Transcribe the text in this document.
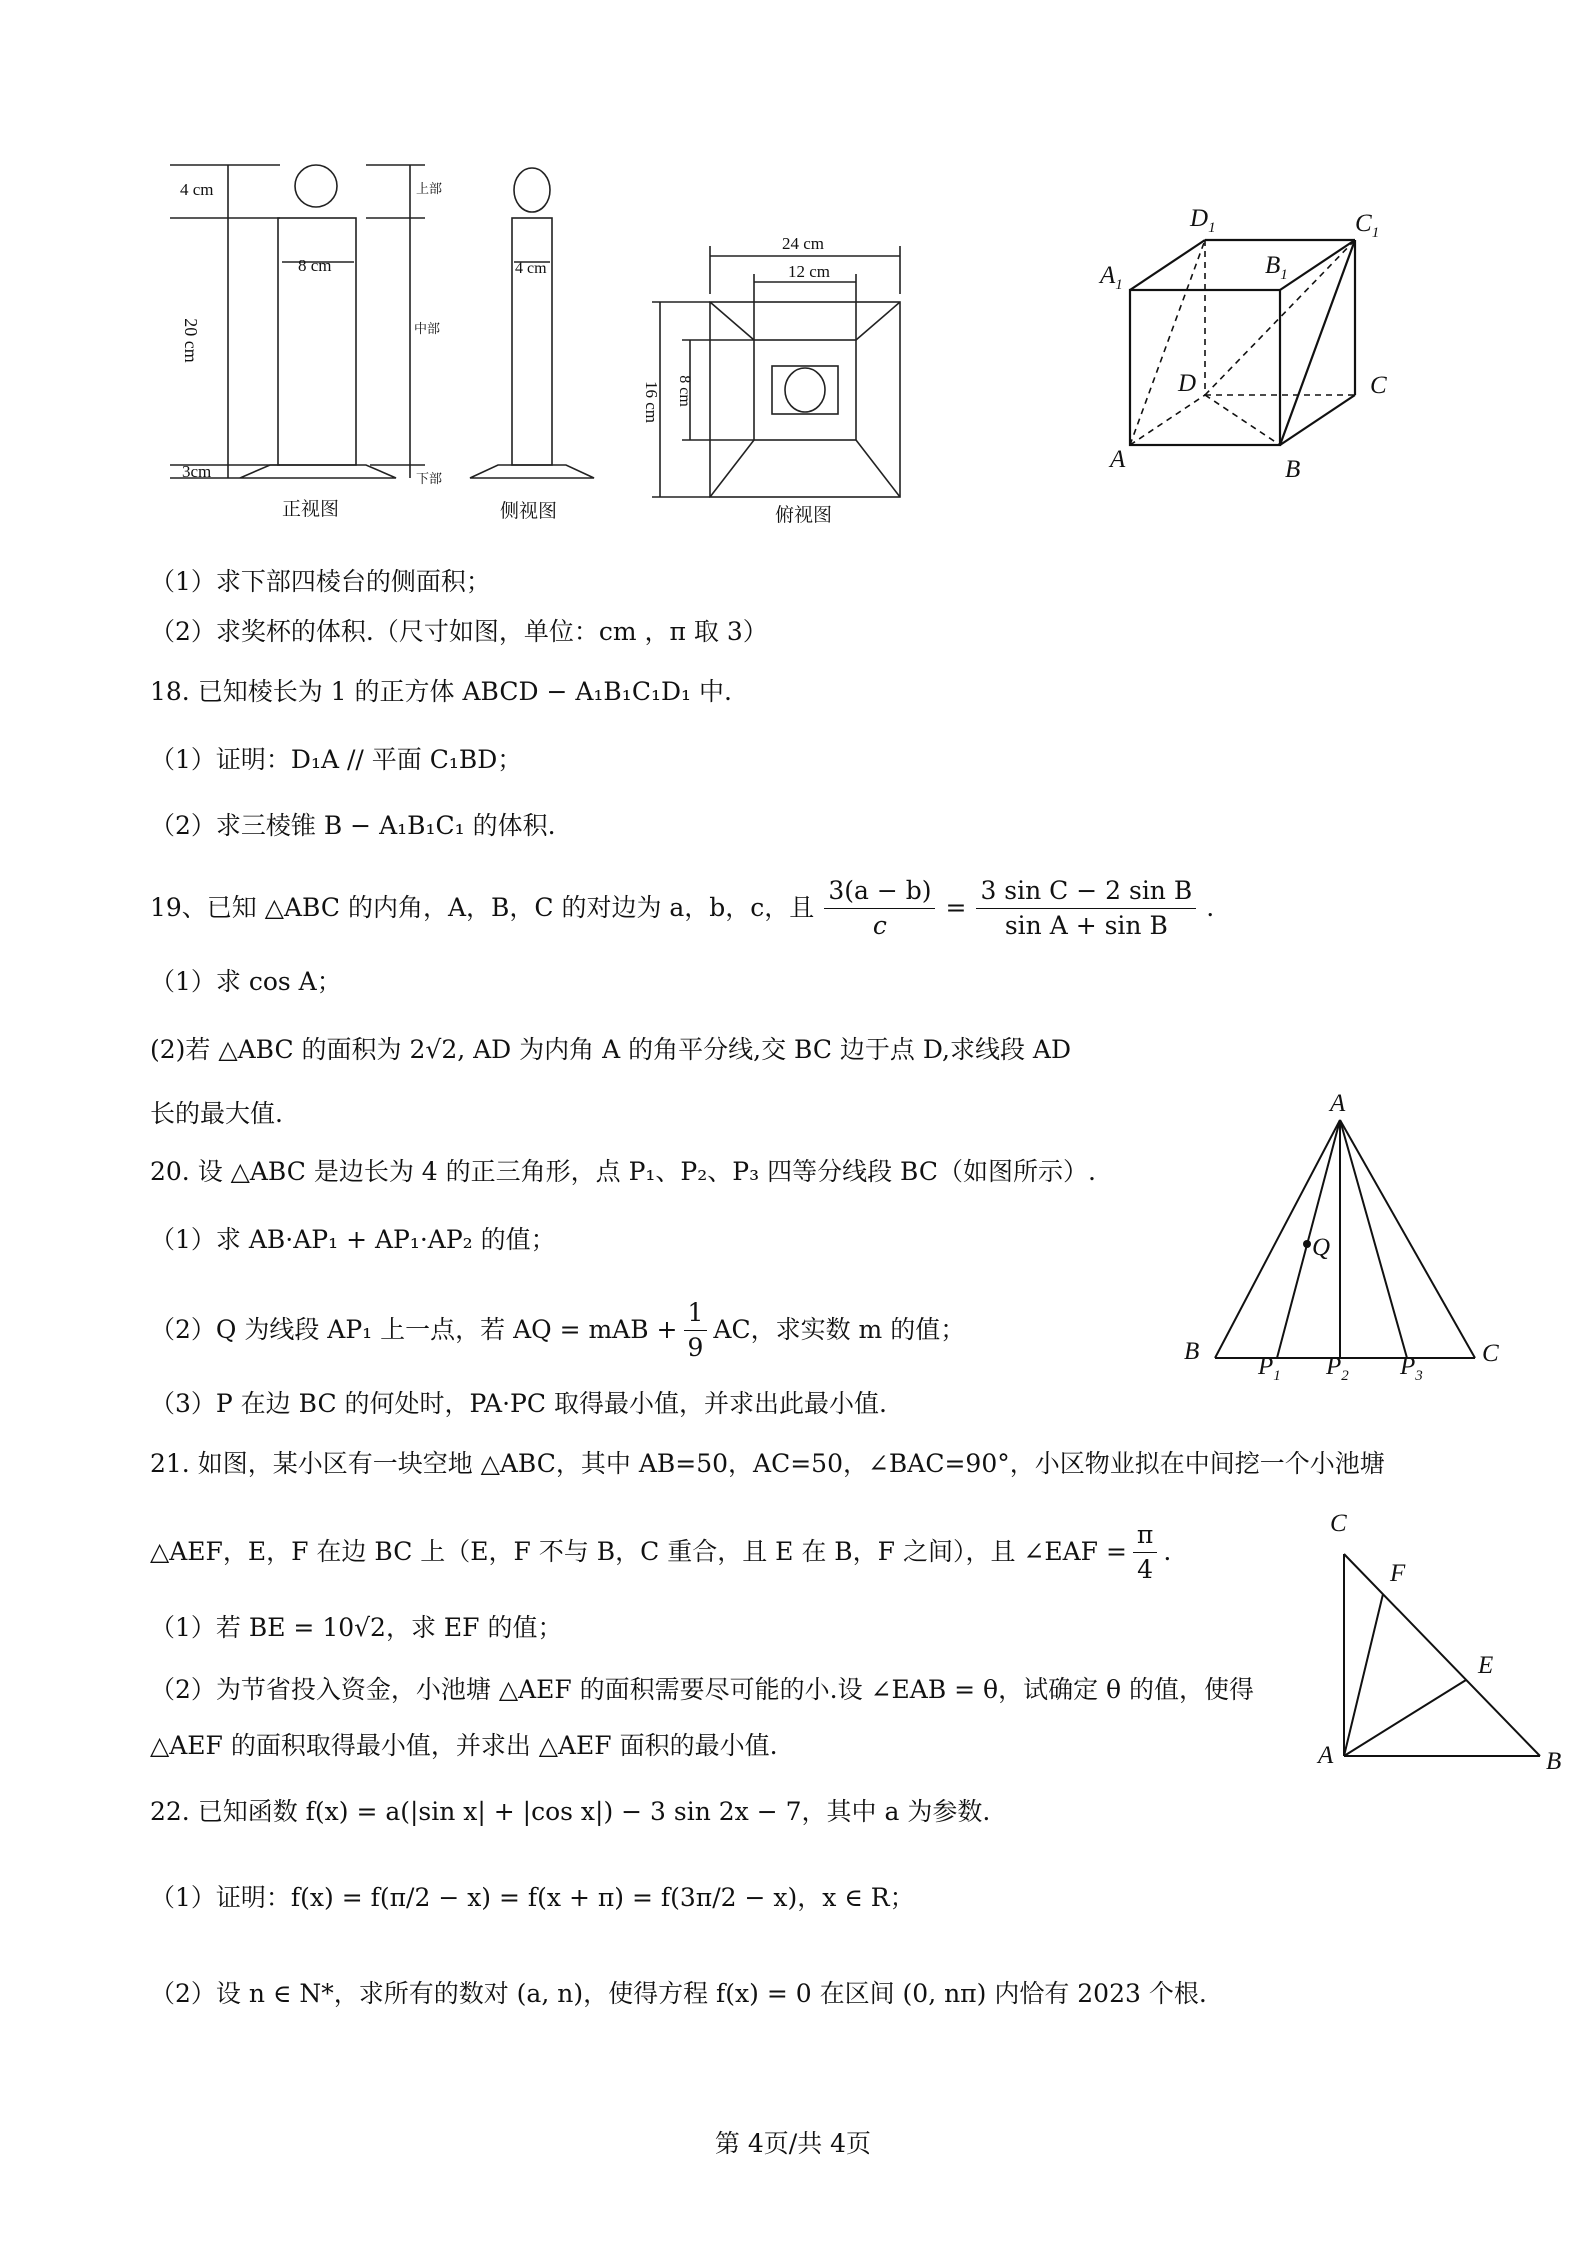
4 cm
20 cm
3cm
8 cm	4 cm
上部
中部
下部
24 cm
12 cm
16 cm 8 cm
正视图	侧视图	俯视图
$D_1$	$C_1$
$A_1$
$B_1$
D	C
A	B
（1）求下部四棱台的侧面积；
（2）求奖杯的体积.（尺寸如图，单位：cm ，π 取 3）
18. 已知棱长为 1 的正方体 ABCD − A₁B₁C₁D₁ 中.
（1）证明：D₁A // 平面 C₁BD；
（2）求三棱锥 B − A₁B₁C₁ 的体积.
19、已知 △ABC 的内角，A，B，C 的对边为 a，b，c，且 $\frac{3(a - b)}{c} = \frac{\text{3 sin C − 2 sin B}}{\text{sin A + sin B}}$ .
（1）求 cos A；
(2)若 △ABC 的面积为 2√2, AD 为内角 A 的角平分线,交 BC 边于点 D,求线段 AD
长的最大值.
20. 设 △ABC 是边长为 4 的正三角形，点 P₁、P₂、P₃ 四等分线段 BC（如图所示）.
（1）求 AB·AP₁ + AP₁·AP₂ 的值；
（2）Q 为线段 AP₁ 上一点，若 AQ = mAB + $\frac{1}{9}$ AC，求实数 m 的值；
（3）P 在边 BC 的何处时，PA·PC 取得最小值，并求出此最小值.
A
Q
B
$P_1$ $P_2$ $P_3$
C
21. 如图，某小区有一块空地 △ABC，其中 AB=50，AC=50，∠BAC=90°，小区物业拟在中间挖一个小池塘
△AEF，E，F 在边 BC 上（E，F 不与 B，C 重合，且 E 在 B，F 之间），且 ∠EAF = $\frac{\pi}{4}$ .
（1）若 BE = 10√2，求 EF 的值；
（2）为节省投入资金，小池塘 △AEF 的面积需要尽可能的小.设 ∠EAB = θ，试确定 θ 的值，使得 △AEF 的面积取得最小值，并求出 △AEF 面积的最小值.
C
F
E
A	B
22. 已知函数 f(x) = a(|sin x| + |cos x|) − 3 sin 2x − 7，其中 a 为参数.
（1）证明：f(x) = f(π/2 − x) = f(x + π) = f(3π/2 − x)，x ∈ R；
（2）设 n ∈ N*，求所有的数对 (a, n)，使得方程 f(x) = 0 在区间 (0, nπ) 内恰有 2023 个根.
第 4页/共 4页
